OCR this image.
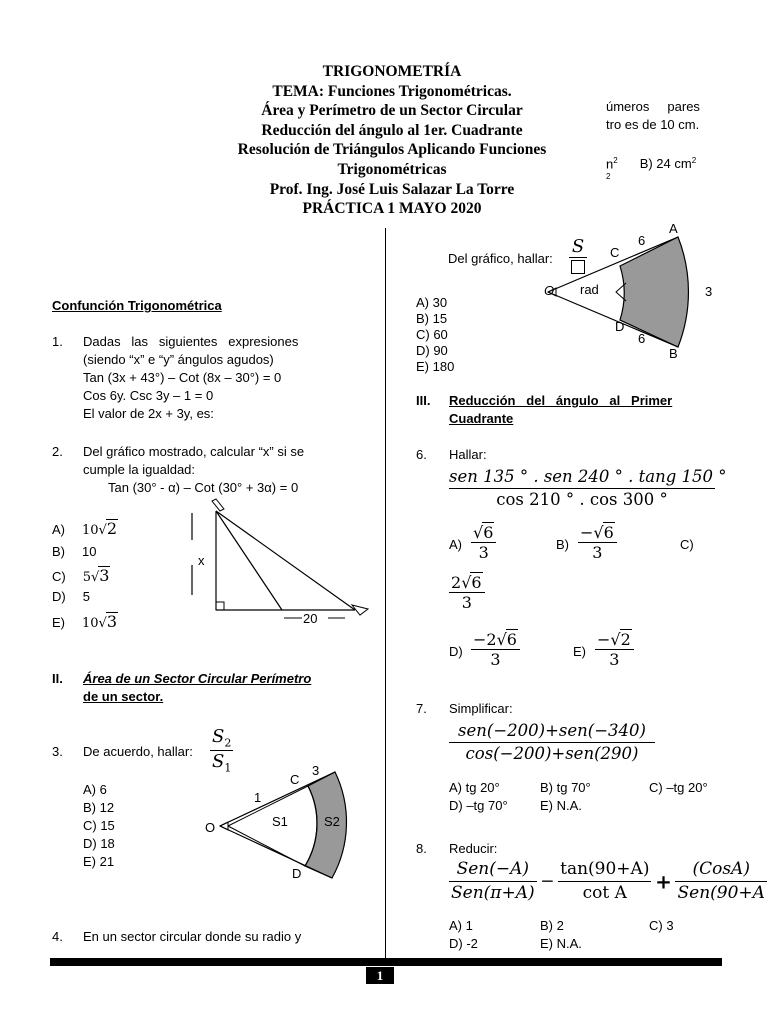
TRIGONOMETRÍA
TEMA: Funciones Trigonométricas.
Área y Perímetro de un Sector Circular
Reducción del ángulo al 1er. Cuadrante
Resolución de Triángulos Aplicando Funciones
Trigonométricas
Prof. Ing. José Luis Salazar La Torre
PRÁCTICA 1 MAYO 2020
úmeros     pares
tro es de 10 cm.
$n^2$ B) 24 $cm^2$
2
Confunción Trigonométrica
1. Dadas   las   siguientes   expresiones
(siendo “x” e “y” ángulos agudos)
Tan (3x + 43°) – Cot (8x – 30°) = 0
Cos 6y. Csc 3y – 1 = 0
El valor de 2x + 3y, es:
2. Del gráfico mostrado, calcular “x” si se
cumple la igualdad:
Tan (30° - α) – Cot (30° + 3α) = 0
A) 10√2
B) 10
C) 5√3
D) 5
E) 10√3
x
20
II. Área de un Sector Circular Perímetro
de un sector.
3. De acuerdo, hallar: $\frac{S_2}{S_1}$
A) 6
B) 12
C) 15
D) 18
E) 21
O
C
D
1
3
S1	S2
4. En un sector circular donde su radio y
Del gráfico, hallar:
S
A
B
C
D
O
6
6
3
rad
A) 30
B) 15
C) 60
D) 90
E) 180
III. Reducción   del   ángulo   al   Primer
Cuadrante
6. Hallar:
sen 135 ° . sen 240 ° . tang 150 °
cos 210 ° . cos 300 °
$A) \frac{√6}{3}$	$B) \frac{-√6}{3}$	C)
$\frac{2√6}{3}$
$D) \frac{-2√6}{3}$	$E) \frac{-√2}{3}$
7. Simplificar:
sen(−200)+sen(−340)
cos(−200)+sen(290)
A) tg 20°	B) tg 70°	C) –tg 20°
D) –tg 70° E) N.A.
8. Reducir:
$\frac{\text{Sen(−A)}}{\text{Sen(π+A)}} - \frac{\tan(90+A)}{\text{cot A}} + \frac{\text{(CosA)}}{\text{Sen(90+A}}$
A) 1	B) 2	C) 3
D) -2	E) N.A.
1
